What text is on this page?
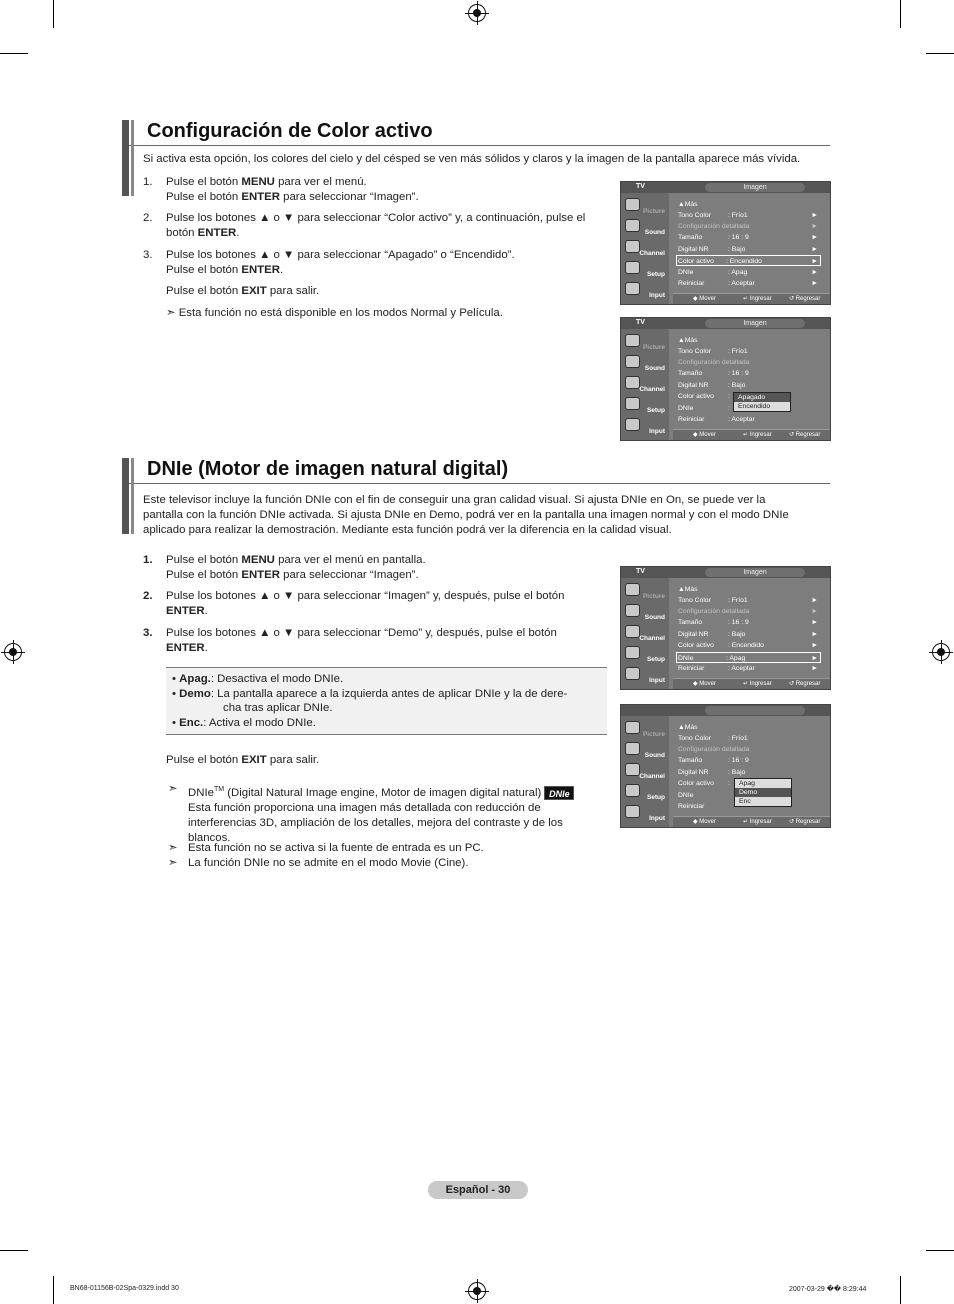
Configuración de Color activo
Si activa esta opción, los colores del cielo y del césped se ven más sólidos y claros y la imagen de la pantalla aparece más vívida.
1. Pulse el botón MENU para ver el menú.
Pulse el botón ENTER para seleccionar “Imagen”.
2. Pulse los botones ▲ o ▼ para seleccionar “Color activo” y, a continuación, pulse el
botón ENTER.
3. Pulse los botones ▲ o ▼ para seleccionar “Apagado” o “Encendido”.
Pulse el botón ENTER.
Pulse el botón EXIT para salir.
➣ Esta función no está disponible en los modos Normal y Película.
TV	Imagen
Picture
Sound
Channel
Setup
Input
▲Más
Tono Color	: Frío1	►
Configuración detallada	►
Tamaño	: 16 : 9	►
Digital NR	: Bajo	►
Color activo : Encendido	►
DNIe	: Apag	►
Reiniciar	: Aceptar	►
◆ Mover	↵ Ingresar	↺ Regresar
TV	Imagen
Picture
Sound
Channel
Setup
Input
▲Más
Tono Color	: Frío1
Configuración detallada
Tamaño	: 16 : 9
Digital NR	: Bajo
Color activo :
DNIe	:
Reiniciar	: Aceptar
Apagado
Encendido
◆ Mover	↵ Ingresar	↺ Regresar
DNIe (Motor de imagen natural digital)
Este televisor incluye la función DNIe con el fin de conseguir una gran calidad visual. Si ajusta DNIe en On, se puede ver la
pantalla con la función DNIe activada. Si ajusta DNIe en Demo, podrá ver en la pantalla una imagen normal y con el modo DNIe
aplicado para realizar la demostración. Mediante esta función podrá ver la diferencia en la calidad visual.
1. Pulse el botón MENU para ver el menú en pantalla.
Pulse el botón ENTER para seleccionar “Imagen”.
2. Pulse los botones ▲ o ▼ para seleccionar “Imagen” y, después, pulse el botón
ENTER.
3. Pulse los botones ▲ o ▼ para seleccionar “Demo” y, después, pulse el botón
ENTER.
• Apag.: Desactiva el modo DNIe.
• Demo: La pantalla aparece a la izquierda antes de aplicar DNIe y la de dere-
cha tras aplicar DNIe.
• Enc.: Activa el modo DNIe.
Pulse el botón EXIT para salir.
➣ DNIe™ (Digital Natural Image engine, Motor de imagen digital natural) DNIe
Esta función proporciona una imagen más detallada con reducción de
interferencias 3D, ampliación de los detalles, mejora del contraste y de los
blancos.
➣ Esta función no se activa si la fuente de entrada es un PC.
➣ La función DNIe no se admite en el modo Movie (Cine).
TV	Imagen
Picture
Sound
Channel
Setup
Input
▲Más
Tono Color	: Frío1	►
Configuración detallada	►
Tamaño	: 16 : 9	►
Digital NR	: Bajo	►
Color activo : Encendido	►
DNIe	: Apag	►
Reiniciar	: Aceptar	►
◆ Mover	↵ Ingresar	↺ Regresar
Picture
Sound
Channel
Setup
Input
▲Más
Tono Color	: Frío1
Configuración detallada
Tamaño	: 16 : 9
Digital NR	: Bajo
Color activo :
DNIe
Reiniciar
Apag
Demo
Enc
◆ Mover	↵ Ingresar	↺ Regresar
Español - 30
BN68-01156B-02Spa-0329.indd 30	2007-03-29 �� 8:29:44
